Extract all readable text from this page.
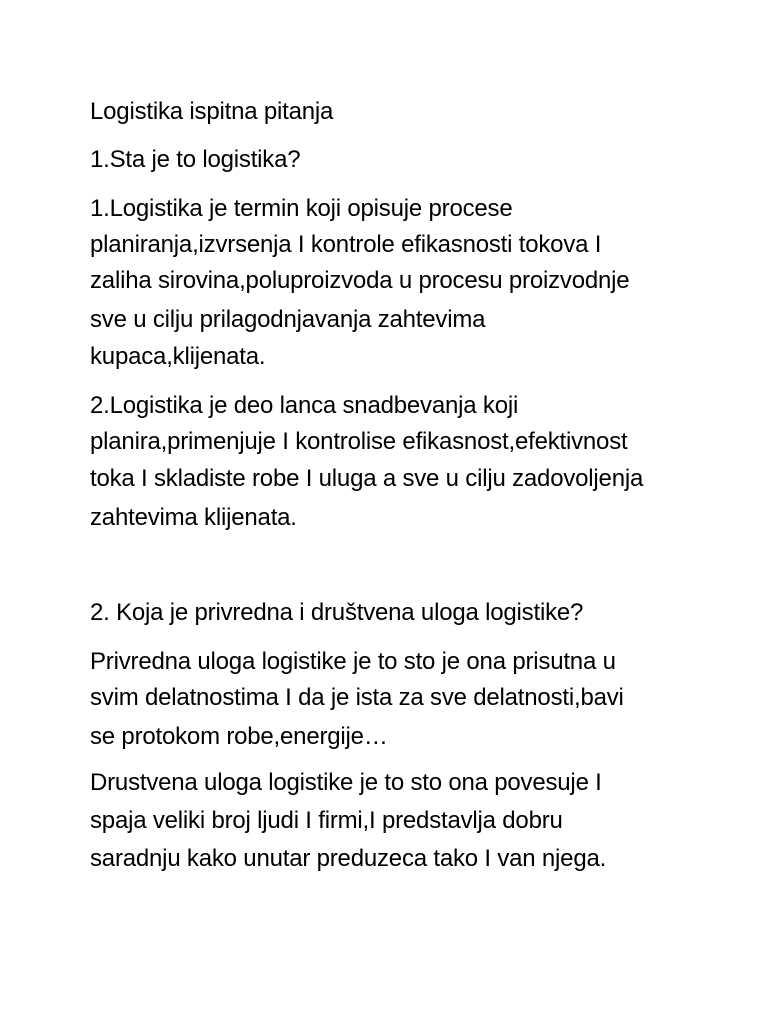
Logistika ispitna pitanja
1.Sta je to logistika?
1.Logistika je termin koji opisuje procese
planiranja,izvrsenja I kontrole efikasnosti tokova I
zaliha sirovina,poluproizvoda u procesu proizvodnje
sve u cilju prilagodnjavanja zahtevima
kupaca,klijenata.
2.Logistika je deo lanca snadbevanja koji
planira,primenjuje I kontrolise efikasnost,efektivnost
toka I skladiste robe I uluga a sve u cilju zadovoljenja
zahtevima klijenata.
2. Koja je privredna i društvena uloga logistike?
Privredna uloga logistike je to sto je ona prisutna u
svim delatnostima I da je ista za sve delatnosti,bavi
se protokom robe,energije…
Drustvena uloga logistike je to sto ona povesuje I
spaja veliki broj ljudi I firmi,I predstavlja dobru
saradnju kako unutar preduzeca tako I van njega.
